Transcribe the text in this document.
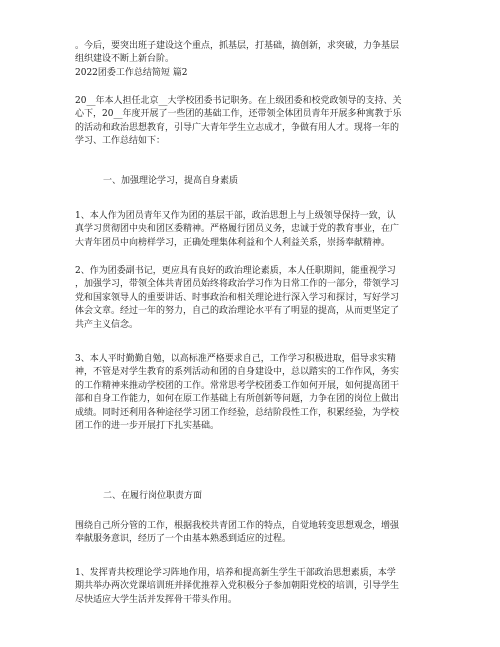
。今后，要突出班子建设这个重点，抓基层，打基础，搞创新，求突破，力争基层
组织建设不断上新台阶。
2022团委工作总结简短 篇2
20__年本人担任北京__大学校团委书记职务。在上级团委和校党政领导的支持、关
心下，20__年度开展了一些团的基础工作，还带领全体团员青年开展多种寓教于乐
的活动和政治思想教育，引导广大青年学生立志成才，争做有用人才。现将一年的
学习、工作总结如下：
一、加强理论学习，提高自身素质
1、本人作为团员青年又作为团的基层干部，政治思想上与上级领导保持一致，认
真学习贯彻团中央和团区委精神。严格履行团员义务，忠诚于党的教育事业，在广
大青年团员中向榜样学习，正确处理集体利益和个人利益关系，崇扬奉献精神。
2、作为团委副书记，更应具有良好的政治理论素质，本人任职期间，能重视学习
，加强学习，带领全体共青团员始终将政治学习作为日常工作的一部分，带领学习
党和国家领导人的重要讲话、时事政治和相关理论进行深入学习和探讨，写好学习
体会文章。经过一年的努力，自己的政治理论水平有了明显的提高，从而更坚定了
共产主义信念。
3、本人平时勤勤自勉，以高标准严格要求自己，工作学习积极进取，倡导求实精
神，不管是对学生教育的系列活动和团的自身建设中，总以踏实的工作作风，务实
的工作精神来推动学校团的工作。常常思考学校团委工作如何开展，如何提高团干
部和自身工作能力，如何在原工作基础上有所创新等问题，力争在团的岗位上做出
成绩。同时还利用各种途径学习团工作经验，总结阶段性工作，积累经验，为学校
团工作的进一步开展打下扎实基础。
二、在履行岗位职责方面
围绕自己所分管的工作，根据我校共青团工作的特点，自觉地转变思想观念，增强
奉献服务意识，经历了一个由基本熟悉到适应的过程。
1、发挥青共校理论学习阵地作用，培养和提高新生学生干部政治思想素质，本学
期共举办两次党课培训班并择优推荐入党积极分子参加朝阳党校的培训，引导学生
尽快适应大学生活并发挥骨干带头作用。
